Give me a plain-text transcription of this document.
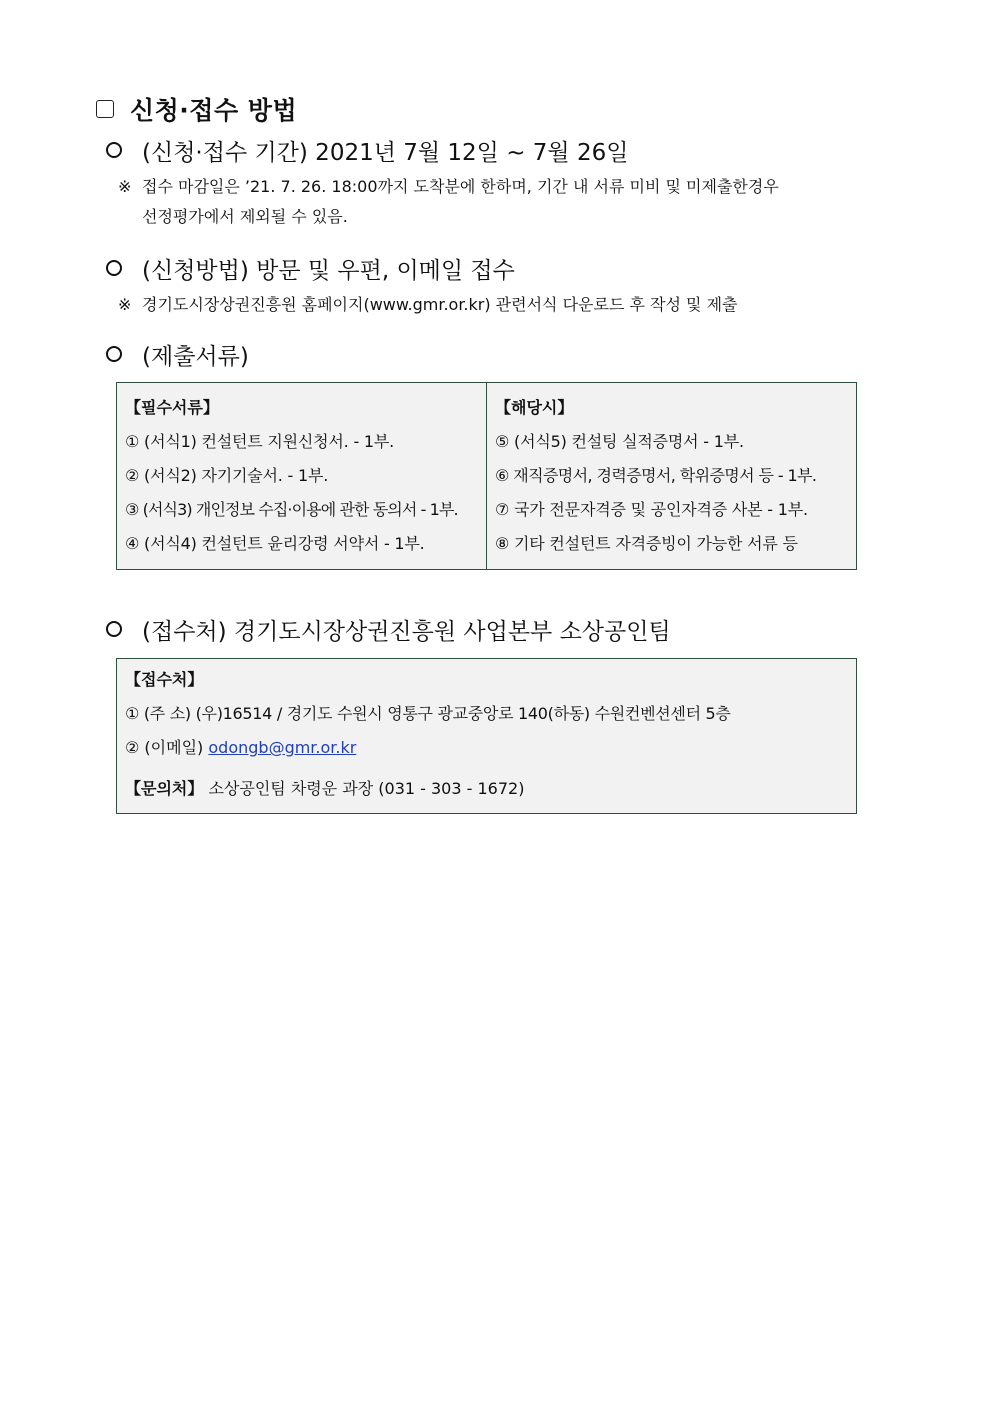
신청·접수 방법
(신청·접수 기간) 2021년 7월 12일 ~ 7월 26일
※ 접수 마감일은 ’21. 7. 26. 18:00까지 도착분에 한하며, 기간 내 서류 미비 및 미제출한경우
선정평가에서 제외될 수 있음.
(신청방법) 방문 및 우편, 이메일 접수
※ 경기도시장상권진흥원 홈페이지(www.gmr.or.kr) 관련서식 다운로드 후 작성 및 제출
(제출서류)
【필수서류】
① (서식1) 컨설턴트 지원신청서. - 1부.
② (서식2) 자기기술서. - 1부.
③ (서식3) 개인정보 수집·이용에 관한 동의서 - 1부.
④ (서식4) 컨설턴트 윤리강령 서약서 - 1부.
【해당시】
⑤ (서식5) 컨설팅 실적증명서 - 1부.
⑥ 재직증명서, 경력증명서, 학위증명서 등 - 1부.
⑦ 국가 전문자격증 및 공인자격증 사본 - 1부.
⑧ 기타 컨설턴트 자격증빙이 가능한 서류 등
(접수처) 경기도시장상권진흥원 사업본부 소상공인팀
【접수처】
① (주 소) (우)16514 / 경기도 수원시 영통구 광교중앙로 140(하동) 수원컨벤션센터 5층
② (이메일) odongb@gmr.or.kr
【문의처】 소상공인팀 차령운 과장 (031 - 303 - 1672)
